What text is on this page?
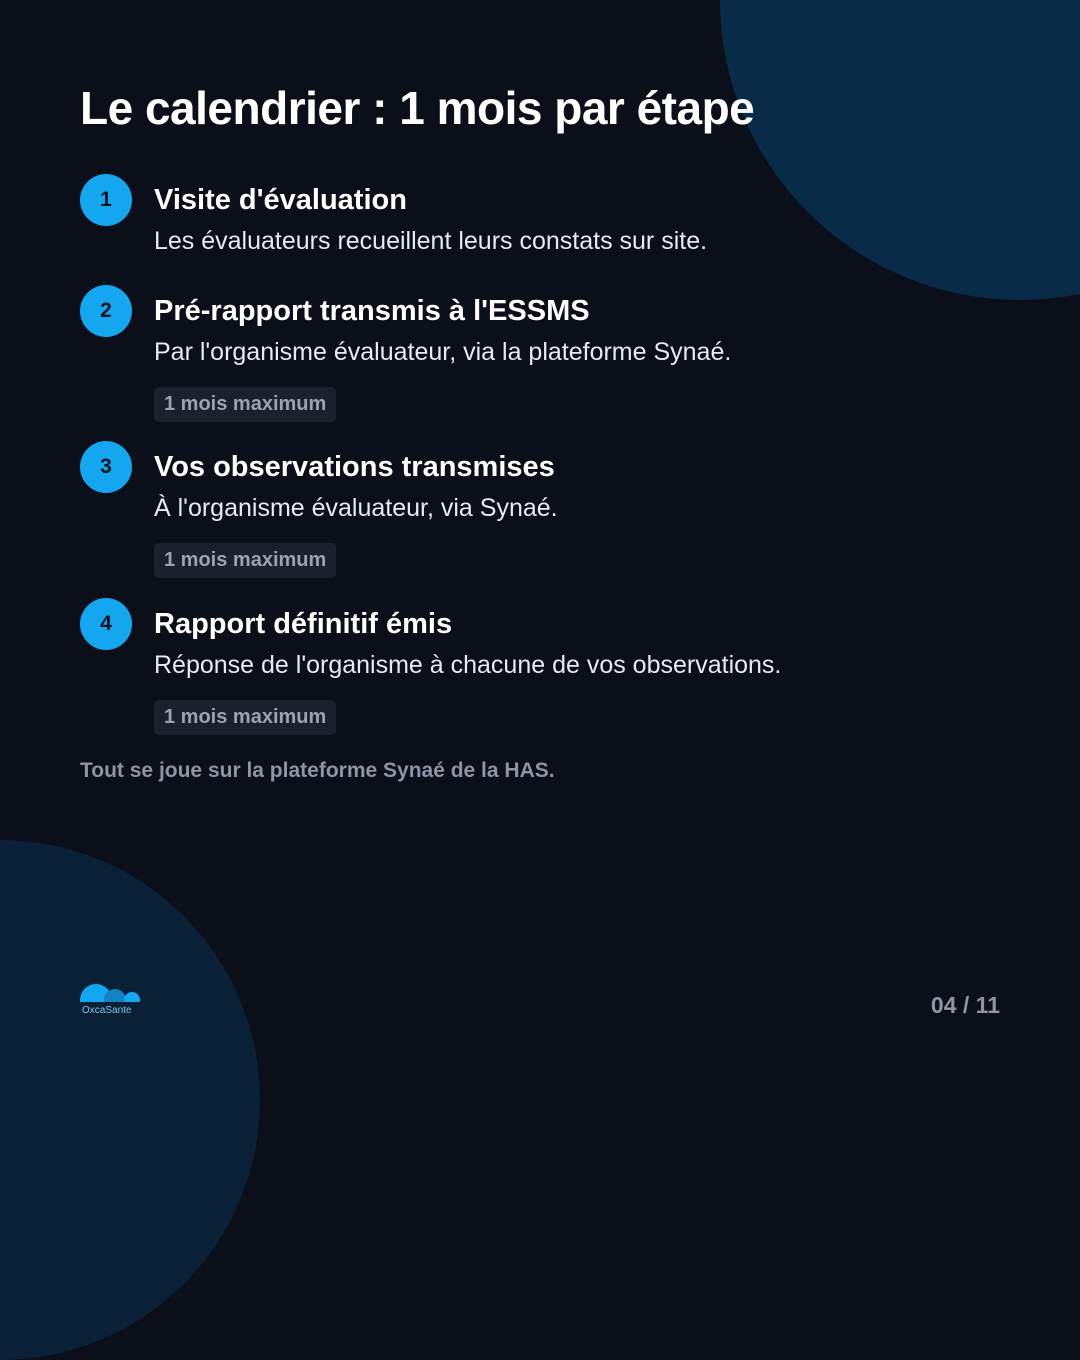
Le calendrier : 1 mois par étape
1	Visite d'évaluation
Les évaluateurs recueillent leurs constats sur site.
2	Pré-rapport transmis à l'ESSMS
Par l'organisme évaluateur, via la plateforme Synaé.
1 mois maximum
3	Vos observations transmises
À l'organisme évaluateur, via Synaé.
1 mois maximum
4	Rapport définitif émis
Réponse de l'organisme à chacune de vos observations.
1 mois maximum
Tout se joue sur la plateforme Synaé de la HAS.
OxcaSante	04 / 11
